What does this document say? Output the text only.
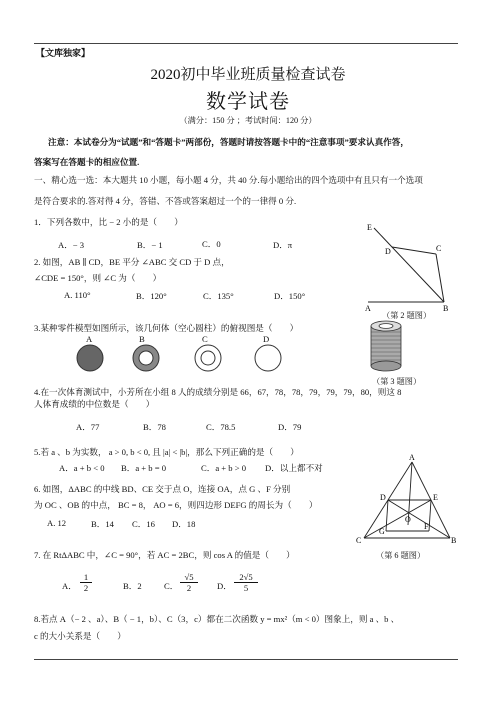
【文库独家】
2020初中毕业班质量检查试卷
数学试卷
（满分：150 分 ；考试时间：120 分）
注意：本试卷分为“试题”和“答题卡”两部份，答题时请按答题卡中的“注意事项”要求认真作答，
答案写在答题卡的相应位置.
一、精心选一选：本大题共 10 小题，每小题 4 分，共 40 分.每小题给出的四个选项中有且只有一个选项
是符合要求的.答对得 4 分，答错、不答或答案超过一个的一律得 0 分.
1．下列各数中，比 − 2 小的是（　　）
A．− 3	B．− 1	C．0	D．π
2. 如图，AB ∥ CD，BE 平分 ∠ABC 交 CD 于 D 点，
∠CDE = 150°，则 ∠C 为（　　）
A. 110°	B．120°	C．135°	D．150°
E
C
D
A	B
（第 2 题图）
3.某种零件模型如图所示，该几何体（空心圆柱）的俯视图是（　　）
A	B	C	D
（第 3 题图）
4.在一次体育测试中，小芳所在小组 8 人的成绩分别是 66，67，78，78，79，79，79，80，则这 8
人体育成绩的中位数是（　　）
A．77	B．78	C．78.5	D．79
5.若 a 、b 为实数， a > 0, b < 0, 且 |a| < |b|，那么下列正确的是（　　）
A．a + b < 0 B．a + b = 0	C．a + b > 0 D．以上都不对
6. 如图，ΔABC 的中线 BD、CE 交于点 O，连接 OA，点 G 、F 分别
为 OC 、OB 的中点， BC = 8， AO = 6，则四边形 DEFG 的周长为（　　）
A. 12	B．14 C．16 D．18
A
D	E
O
G
F
C	B
（第 6 题图）
7. 在 RtΔABC 中，∠C = 90°，若 AC = 2BC，则 cos A 的值是（　　）
A． $\frac{1}{2}$	B．2	C． $\frac{√5}{2}$ D． $\frac{2√5}{5}$
8.若点 A（− 2 、a）、B（ − 1，b）、C（3，c）都在二次函数 y = mx²（m < 0）图象上，则 a 、b 、
c 的大小关系是（　　）
